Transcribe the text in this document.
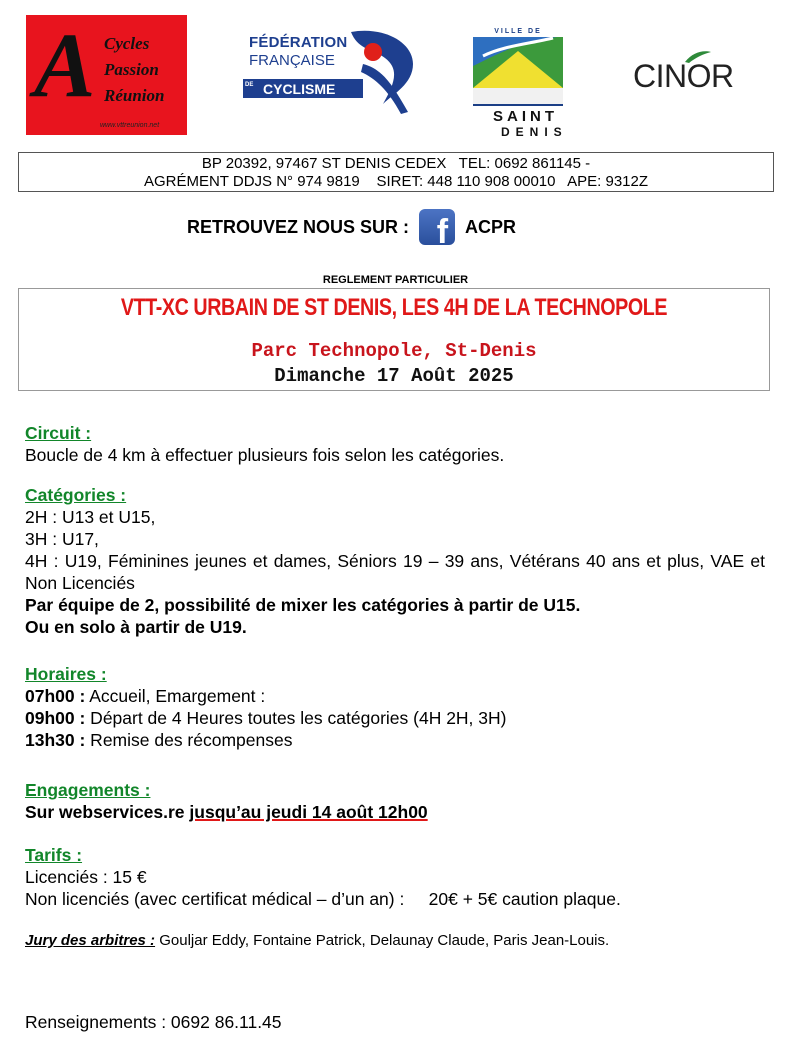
A Cycles
Passion
Réunion
www.vttreunion.net
FÉDÉRATION
FRANÇAISE
CYCLISME
DE
VILLE DE
SAINT
DENIS
CINOR
BP 20392, 97467 ST DENIS CEDEX   TEL: 0692 861145 -
AGRÉMENT DDJS N° 974 9819    SIRET: 448 110 908 00010   APE: 9312Z
RETROUVEZ NOUS SUR : f ACPR
REGLEMENT PARTICULIER
VTT-XC URBAIN DE ST DENIS, LES 4H DE LA TECHNOPOLE
Parc Technopole, St-Denis
Dimanche 17 Août 2025
Circuit :
Boucle de 4 km à effectuer plusieurs fois selon les catégories.
Catégories :
2H : U13 et U15,
3H : U17,
4H : U19, Féminines jeunes et dames, Séniors 19 – 39 ans, Vétérans 40 ans et plus, VAE et Non Licenciés
Par équipe de 2, possibilité de mixer les catégories à partir de U15.
Ou en solo à partir de U19.
Horaires :
07h00 : Accueil, Emargement :
09h00 : Départ de 4 Heures toutes les catégories (4H 2H, 3H)
13h30 : Remise des récompenses
Engagements :
Sur webservices.re jusqu’au jeudi 14 août 12h00
Tarifs :
Licenciés : 15 €
Non licenciés (avec certificat médical – d’un an) :     20€ + 5€ caution plaque.
Jury des arbitres : Gouljar Eddy, Fontaine Patrick, Delaunay Claude, Paris Jean-Louis.
Renseignements : 0692 86.11.45
